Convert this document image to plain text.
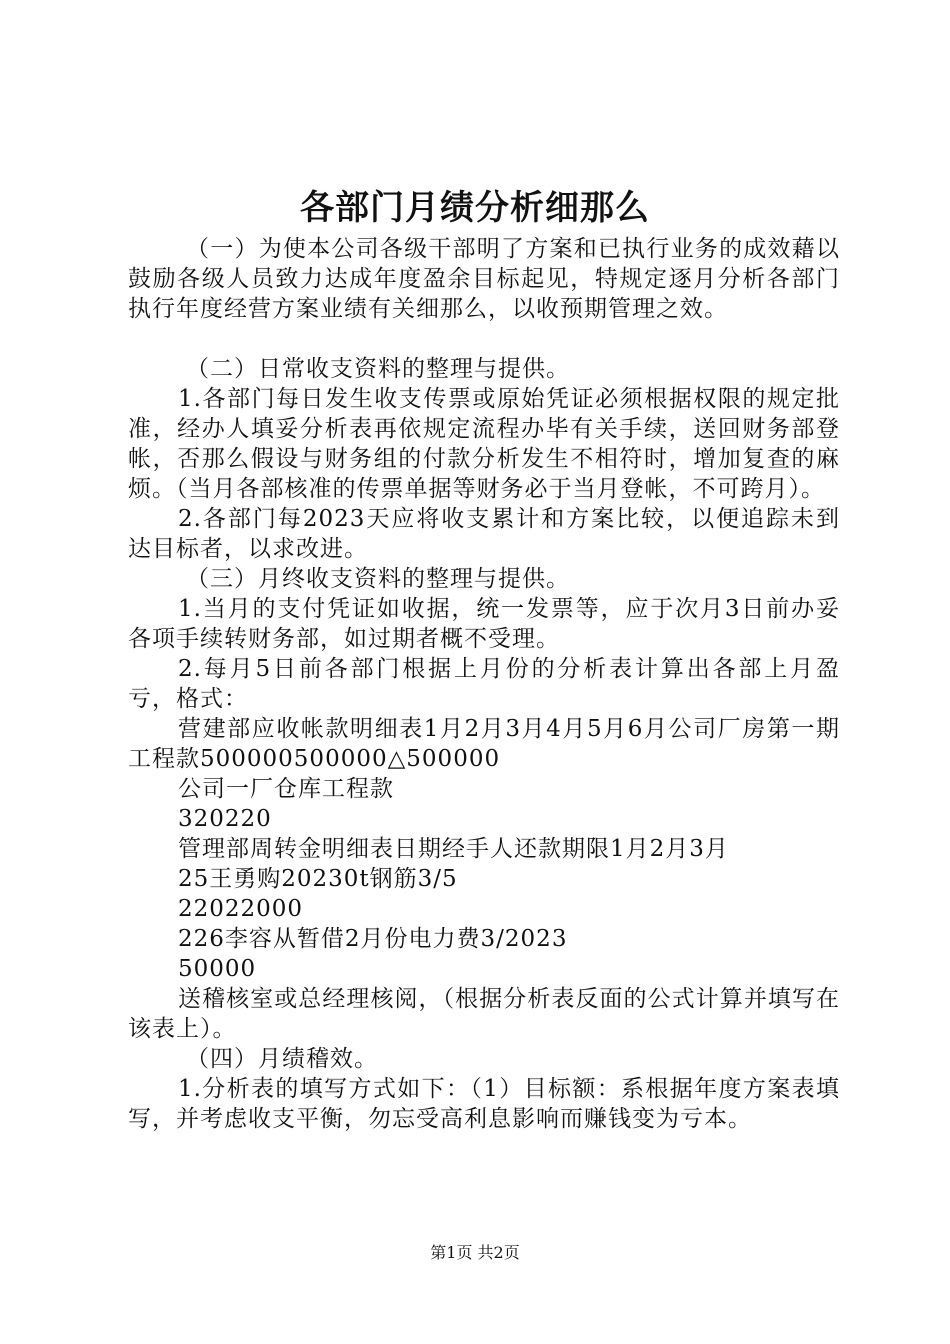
各部门月绩分析细那么

（一）为使本公司各级干部明了方案和已执行业务的成效藉以鼓励各级人员致力达成年度盈余目标起见，特规定逐月分析各部门执行年度经营方案业绩有关细那么，以收预期管理之效。

（二）日常收支资料的整理与提供。

1.各部门每日发生收支传票或原始凭证必须根据权限的规定批准，经办人填妥分析表再依规定流程办毕有关手续，送回财务部登帐，否那么假设与财务组的付款分析发生不相符时，增加复查的麻烦。（当月各部核准的传票单据等财务必于当月登帐，不可跨月）。

2.各部门每2023天应将收支累计和方案比较，以便追踪未到达目标者，以求改进。

（三）月终收支资料的整理与提供。

1.当月的支付凭证如收据，统一发票等，应于次月3日前办妥各项手续转财务部，如过期者概不受理。

2.每月5日前各部门根据上月份的分析表计算出各部上月盈亏，格式：

营建部应收帐款明细表1月2月3月4月5月6月公司厂房第一期工程款500000500000△500000

公司一厂仓库工程款

320220

管理部周转金明细表日期经手人还款期限1月2月3月

25王勇购20230t钢筋3/5

22022000

226李容从暂借2月份电力费3/2023

50000

送稽核室或总经理核阅，（根据分析表反面的公式计算并填写在该表上）。

（四）月绩稽效。

1.分析表的填写方式如下：（1）目标额：系根据年度方案表填写，并考虑收支平衡，勿忘受高利息影响而赚钱变为亏本。

第1页 共2页
